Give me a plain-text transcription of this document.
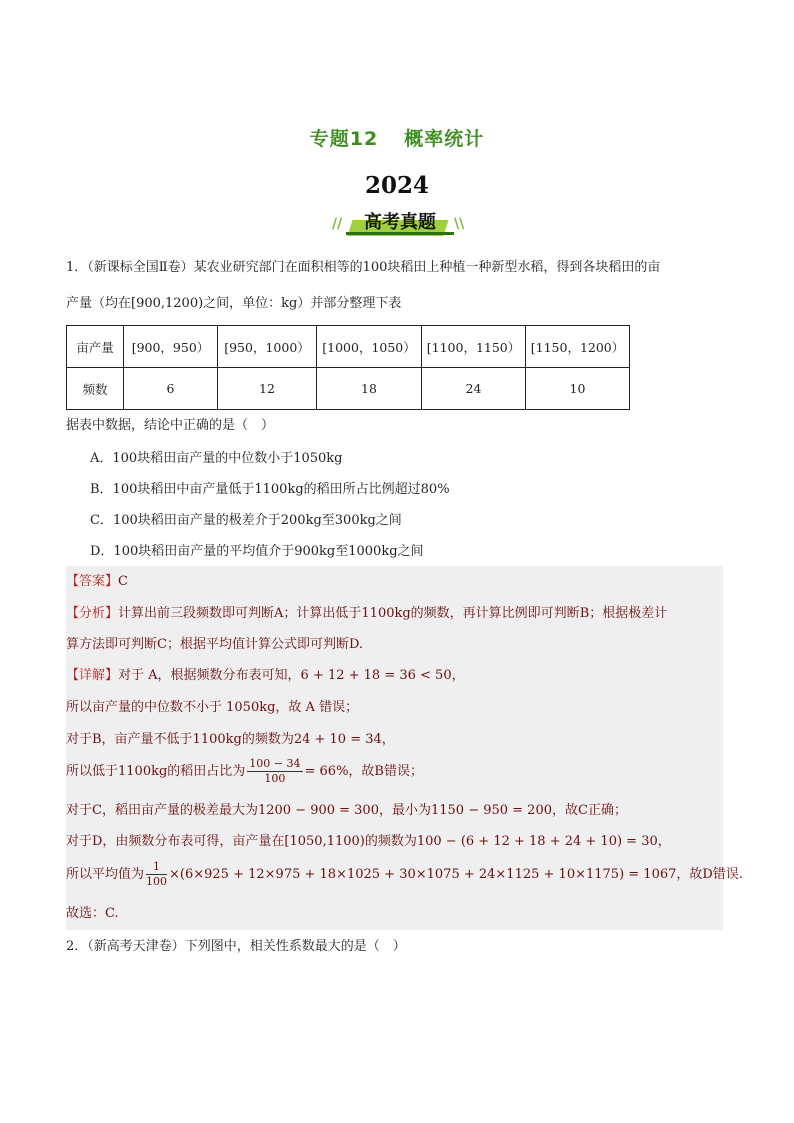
专题12 概率统计
2024
//	高考真题	\\
1．（新课标全国Ⅱ卷）某农业研究部门在面积相等的100块稻田上种植一种新型水稻，得到各块稻田的亩
产量（均在[900,1200)之间，单位：kg）并部分整理下表
亩产量	[900，950）	[950，1000）	[1000，1050）	[1100，1150）	[1150，1200）
频数	6	12	18	24	10
据表中数据，结论中正确的是（　）
A．100块稻田亩产量的中位数小于1050kg
B．100块稻田中亩产量低于1100kg的稻田所占比例超过80%
C．100块稻田亩产量的极差介于200kg至300kg之间
D．100块稻田亩产量的平均值介于900kg至1000kg之间
【答案】C
【分析】计算出前三段频数即可判断A；计算出低于1100kg的频数，再计算比例即可判断B；根据极差计
算方法即可判断C；根据平均值计算公式即可判断D.
【详解】对于 A，根据频数分布表可知，6 + 12 + 18 = 36 < 50，
所以亩产量的中位数不小于 1050kg，故 A 错误；
对于B，亩产量不低于1100kg的频数为24 + 10 = 34，
所以低于1100kg的稻田占比为 $\frac{100 - 34}{100} = 66\%$，故B错误；
对于C，稻田亩产量的极差最大为1200 − 900 = 300，最小为1150 − 950 = 200，故C正确；
对于D，由频数分布表可得，亩产量在[1050,1100)的频数为100 − (6 + 12 + 18 + 24 + 10) = 30，
所以平均值为 $\frac{1}{100} \times(6\times 925 + 12\times 975 + 18\times 1025 + 30\times 1075 + 24\times 1125 + 10\times 1175) = 1067$，故D错误.
故选：C.
2．（新高考天津卷）下列图中，相关性系数最大的是（　）
